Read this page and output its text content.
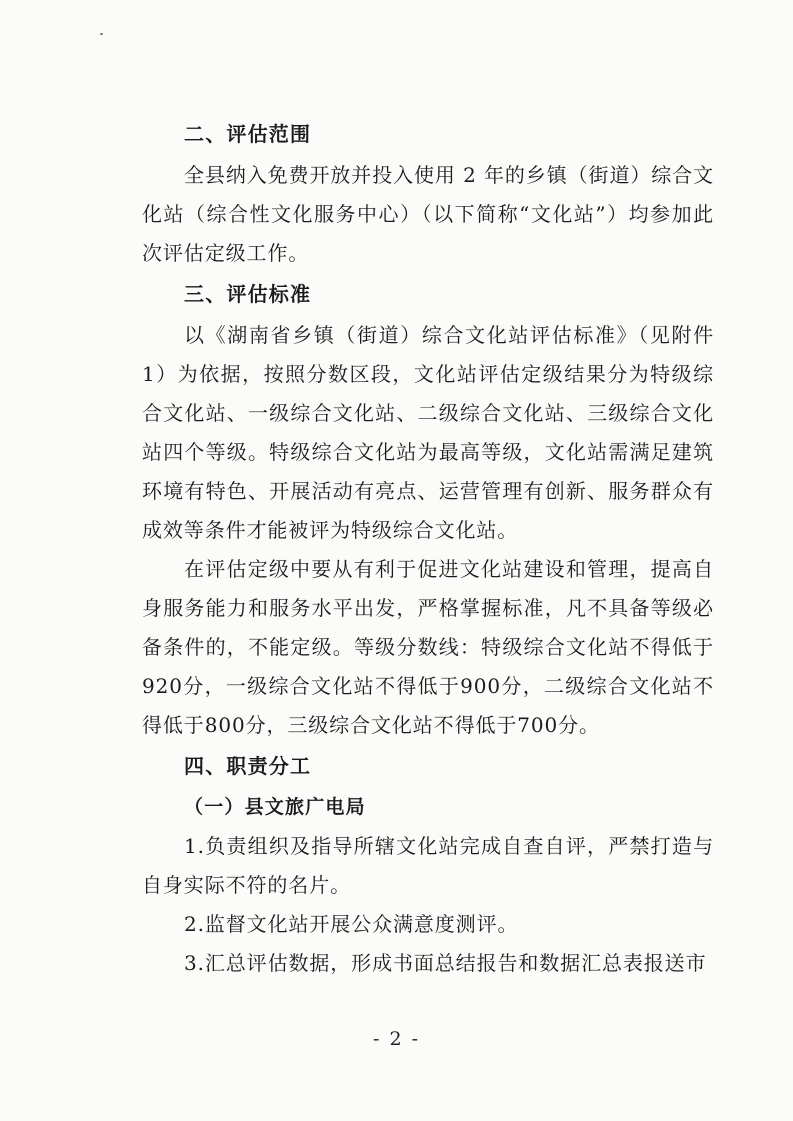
二、评估范围

全县纳入免费开放并投入使用 2 年的乡镇（街道）综合文化站（综合性文化服务中心）（以下简称“文化站”）均参加此次评估定级工作。

三、评估标准

以《湖南省乡镇（街道）综合文化站评估标准》（见附件1）为依据，按照分数区段，文化站评估定级结果分为特级综合文化站、一级综合文化站、二级综合文化站、三级综合文化站四个等级。特级综合文化站为最高等级，文化站需满足建筑环境有特色、开展活动有亮点、运营管理有创新、服务群众有成效等条件才能被评为特级综合文化站。

在评估定级中要从有利于促进文化站建设和管理，提高自身服务能力和服务水平出发，严格掌握标准，凡不具备等级必备条件的，不能定级。等级分数线：特级综合文化站不得低于920分，一级综合文化站不得低于900分，二级综合文化站不得低于800分，三级综合文化站不得低于700分。

四、职责分工
（一）县文旅广电局

1.负责组织及指导所辖文化站完成自查自评，严禁打造与自身实际不符的名片。

2.监督文化站开展公众满意度测评。

3.汇总评估数据，形成书面总结报告和数据汇总表报送市

- 2 -
